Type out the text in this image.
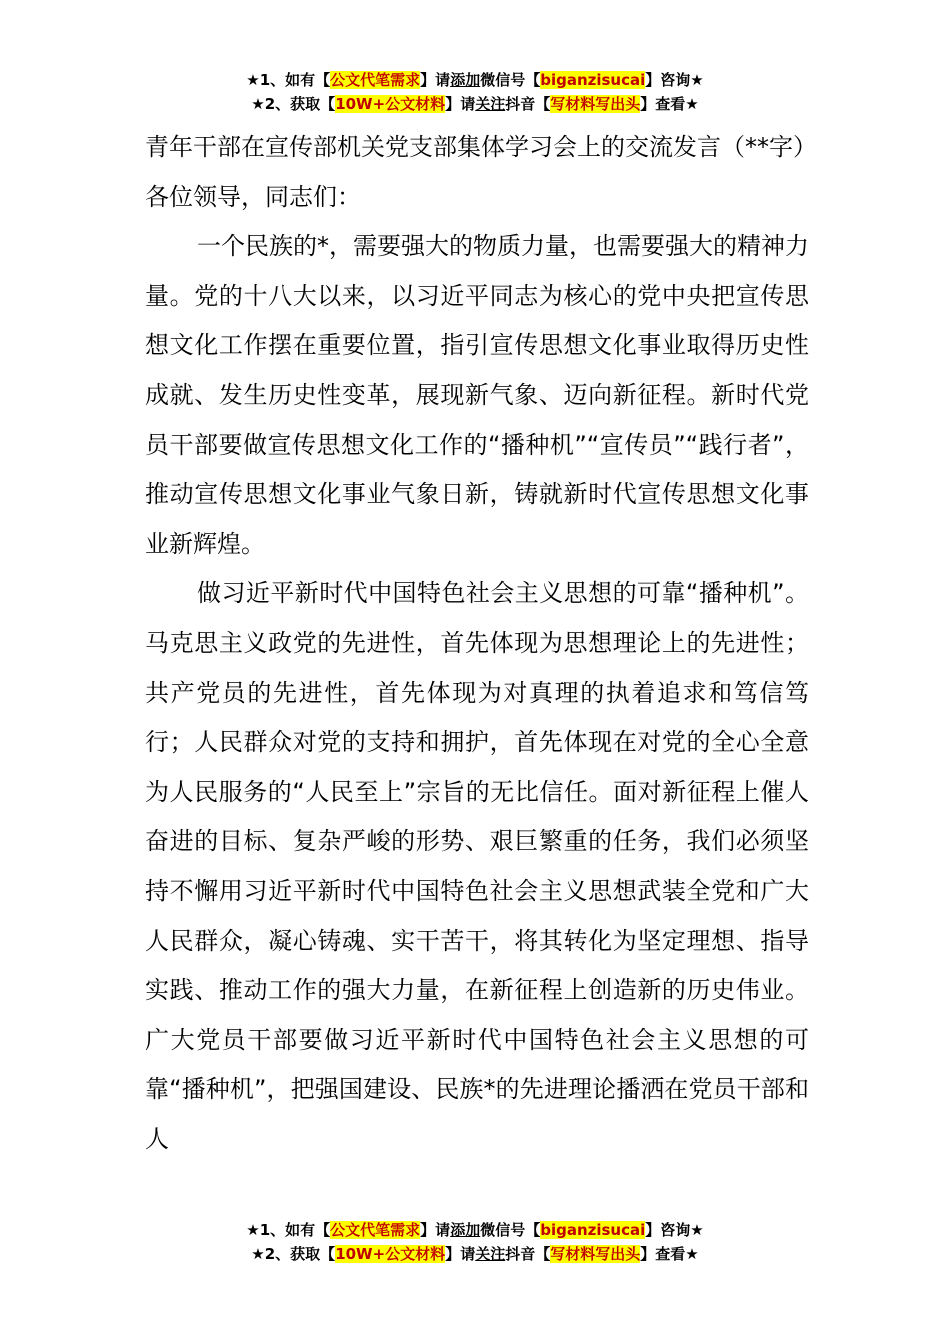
★1、如有【公文代笔需求】请添加微信号【biganzisucai】咨询★
★2、获取【10W+公文材料】请关注抖音【写材料写出头】查看★

青年干部在宣传部机关党支部集体学习会上的交流发言（**字）

各位领导，同志们：

一个民族的*，需要强大的物质力量，也需要强大的精神力量。党的十八大以来，以习近平同志为核心的党中央把宣传思想文化工作摆在重要位置，指引宣传思想文化事业取得历史性成就、发生历史性变革，展现新气象、迈向新征程。新时代党员干部要做宣传思想文化工作的“播种机”“宣传员”“践行者”，推动宣传思想文化事业气象日新，铸就新时代宣传思想文化事业新辉煌。

做习近平新时代中国特色社会主义思想的可靠“播种机”。马克思主义政党的先进性，首先体现为思想理论上的先进性；共产党员的先进性，首先体现为对真理的执着追求和笃信笃行；人民群众对党的支持和拥护，首先体现在对党的全心全意为人民服务的“人民至上”宗旨的无比信任。面对新征程上催人奋进的目标、复杂严峻的形势、艰巨繁重的任务，我们必须坚持不懈用习近平新时代中国特色社会主义思想武装全党和广大人民群众，凝心铸魂、实干苦干，将其转化为坚定理想、指导实践、推动工作的强大力量，在新征程上创造新的历史伟业。广大党员干部要做习近平新时代中国特色社会主义思想的可靠“播种机”，把强国建设、民族*的先进理论播洒在党员干部和人

★1、如有【公文代笔需求】请添加微信号【biganzisucai】咨询★
★2、获取【10W+公文材料】请关注抖音【写材料写出头】查看★
